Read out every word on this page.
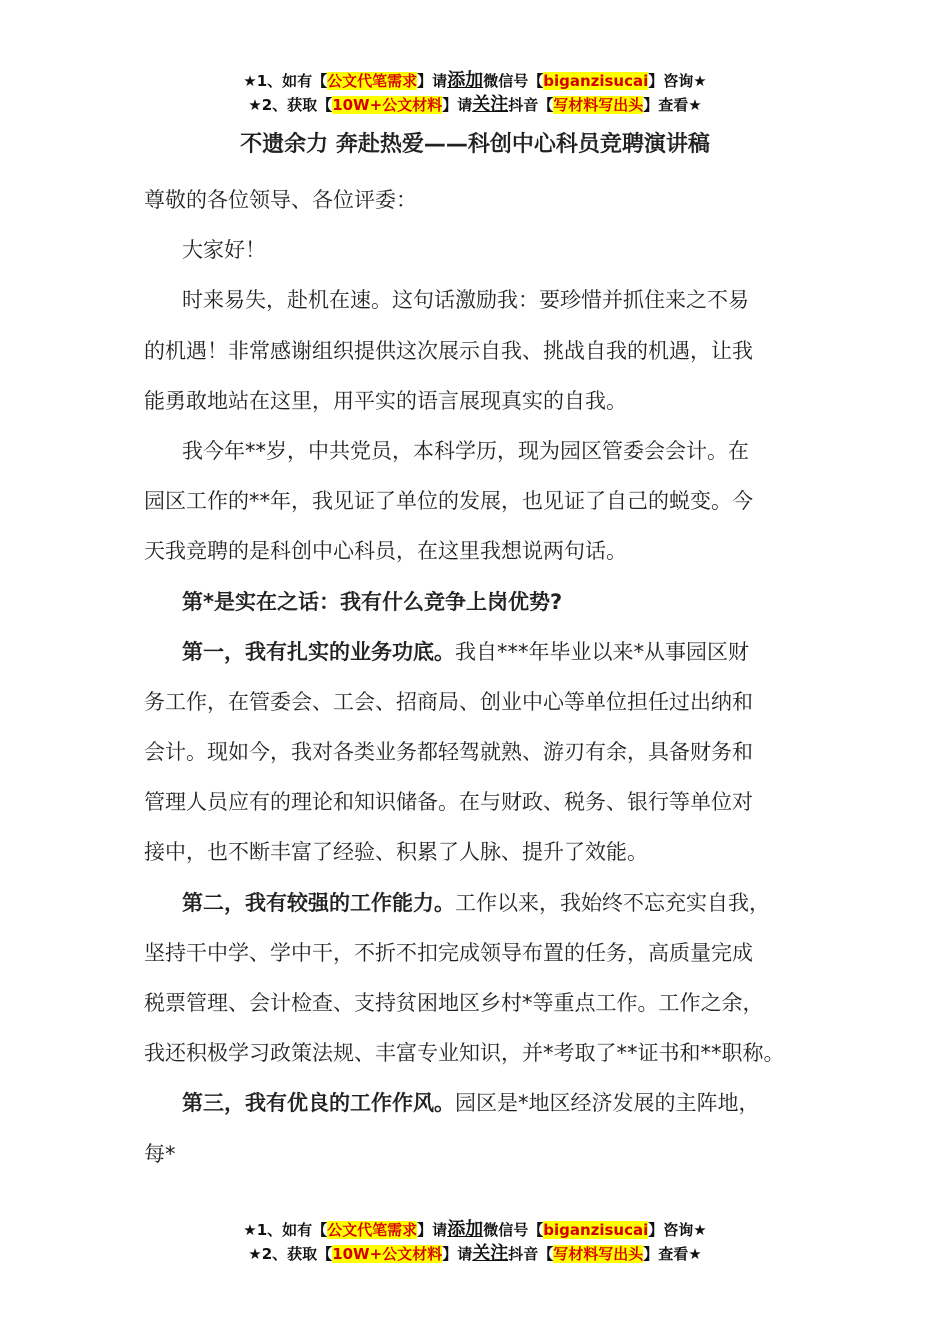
★1、如有【公文代笔需求】请添加微信号【biganzisucai】咨询★
★2、获取【10W+公文材料】请关注抖音【写材料写出头】查看★
不遗余力 奔赴热爱——科创中心科员竞聘演讲稿
尊敬的各位领导、各位评委：
大家好！
时来易失，赴机在速。这句话激励我：要珍惜并抓住来之不易
的机遇！非常感谢组织提供这次展示自我、挑战自我的机遇，让我
能勇敢地站在这里，用平实的语言展现真实的自我。
我今年**岁，中共党员，本科学历，现为园区管委会会计。在
园区工作的**年，我见证了单位的发展，也见证了自己的蜕变。今
天我竞聘的是科创中心科员，在这里我想说两句话。
第*是实在之话：我有什么竞争上岗优势?
第一，我有扎实的业务功底。我自***年毕业以来*从事园区财
务工作，在管委会、工会、招商局、创业中心等单位担任过出纳和
会计。现如今，我对各类业务都轻驾就熟、游刃有余，具备财务和
管理人员应有的理论和知识储备。在与财政、税务、银行等单位对
接中，也不断丰富了经验、积累了人脉、提升了效能。
第二，我有较强的工作能力。工作以来，我始终不忘充实自我，
坚持干中学、学中干，不折不扣完成领导布置的任务，高质量完成
税票管理、会计检查、支持贫困地区乡村*等重点工作。工作之余，
我还积极学习政策法规、丰富专业知识，并*考取了**证书和**职称。
第三，我有优良的工作作风。园区是*地区经济发展的主阵地，
每*
★1、如有【公文代笔需求】请添加微信号【biganzisucai】咨询★
★2、获取【10W+公文材料】请关注抖音【写材料写出头】查看★
